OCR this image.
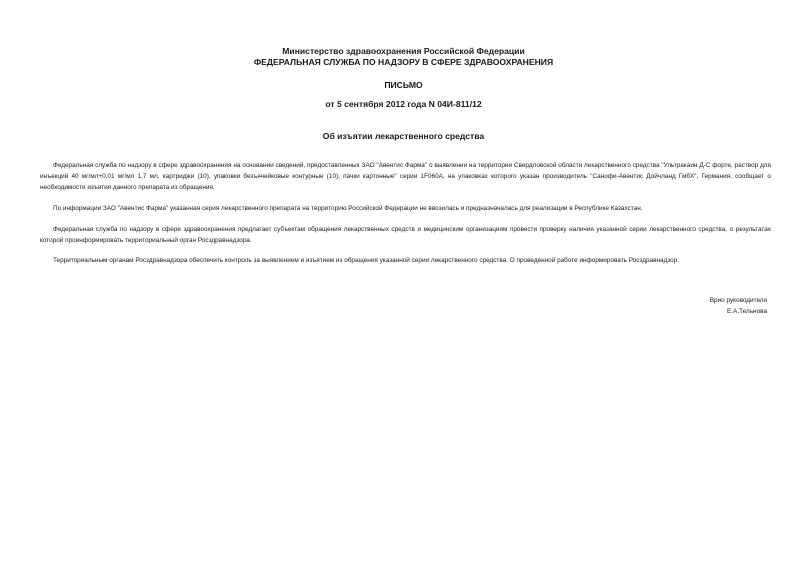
Министерство здравоохранения Российской Федерации
ФЕДЕРАЛЬНАЯ СЛУЖБА ПО НАДЗОРУ В СФЕРЕ ЗДРАВООХРАНЕНИЯ
ПИСЬМО
от 5 сентября 2012 года N 04И-811/12
Об изъятии лекарственного средства

Федеральная служба по надзору в сфере здравоохранения на основании сведений, предоставленных ЗАО "Авентис Фарма" о выявлении на территории Свердловской области лекарственного средства "Ультракаин Д-С форте, раствор для инъекций 40 мг/мл+0,01 мг/мл 1,7 мл, картриджи (10), упаковки безъячейковые контурные (10), пачки картонные" серии 1F060A, на упаковках которого указан производитель "Санофи-Авентис Дойчланд ГмбХ", Германия, сообщает о необходимости изъятия данного препарата из обращения.

По информации ЗАО "Авентис Фарма" указанная серия лекарственного препарата на территорию Российской Федерации не ввозилась и предназначалась для реализации в Республике Казахстан.

Федеральная служба по надзору в сфере здравоохранения предлагает субъектам обращения лекарственных средств и медицинским организациям провести проверку наличия указанной серии лекарственного средства, о результатах которой проинформировать территориальный орган Росздравнадзора.

Территориальным органам Росздравнадзора обеспечить контроль за выявлением и изъятием из обращения указанной серии лекарственного средства. О проведенной работе информировать Росздравнадзор.

Врио руководителя
Е.А.Тельнова
